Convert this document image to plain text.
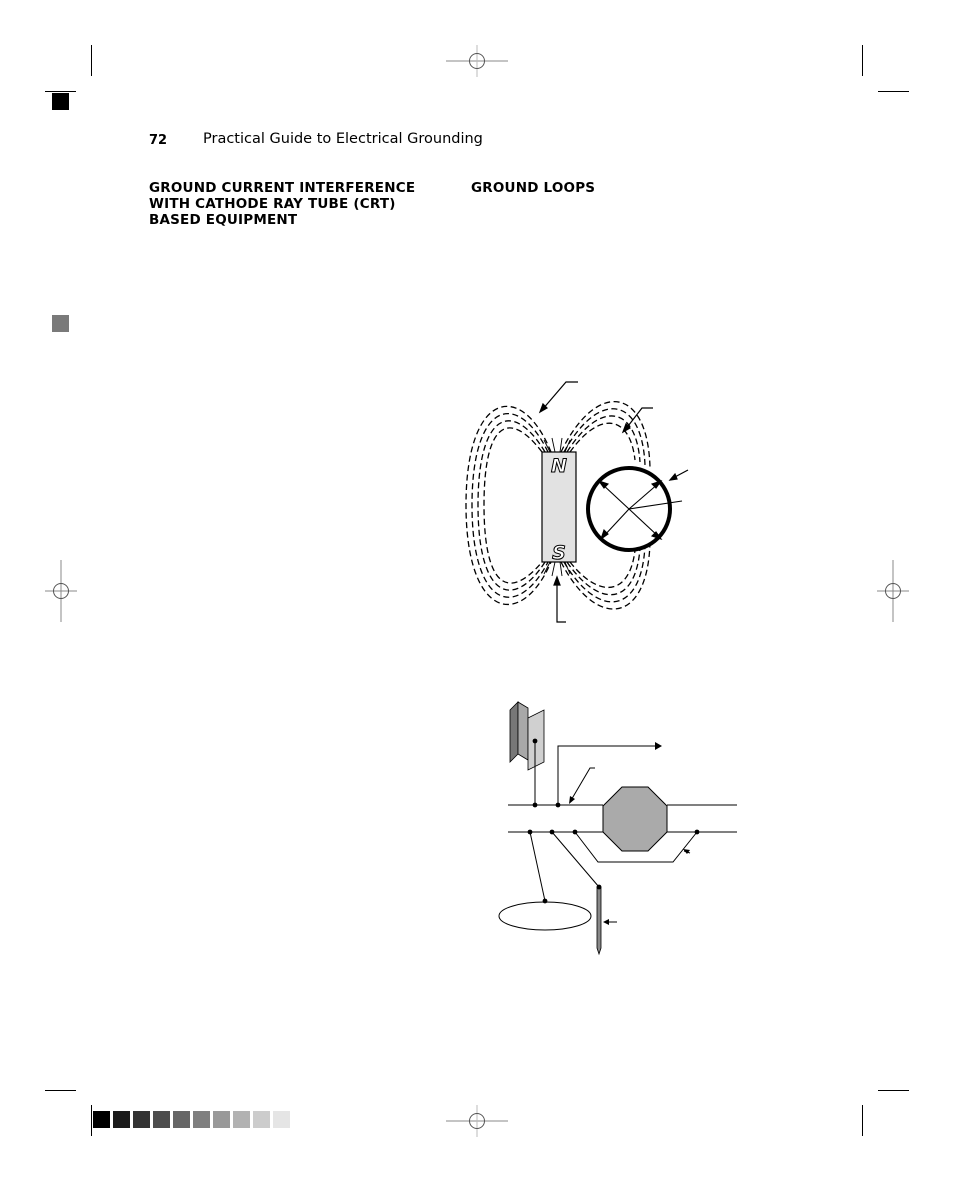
72 Practical Guide to Electrical Grounding
GROUND CURRENT INTERFERENCE
WITH CATHODE RAY TUBE (CRT)
BASED EQUIPMENT
GROUND LOOPS
N
S
